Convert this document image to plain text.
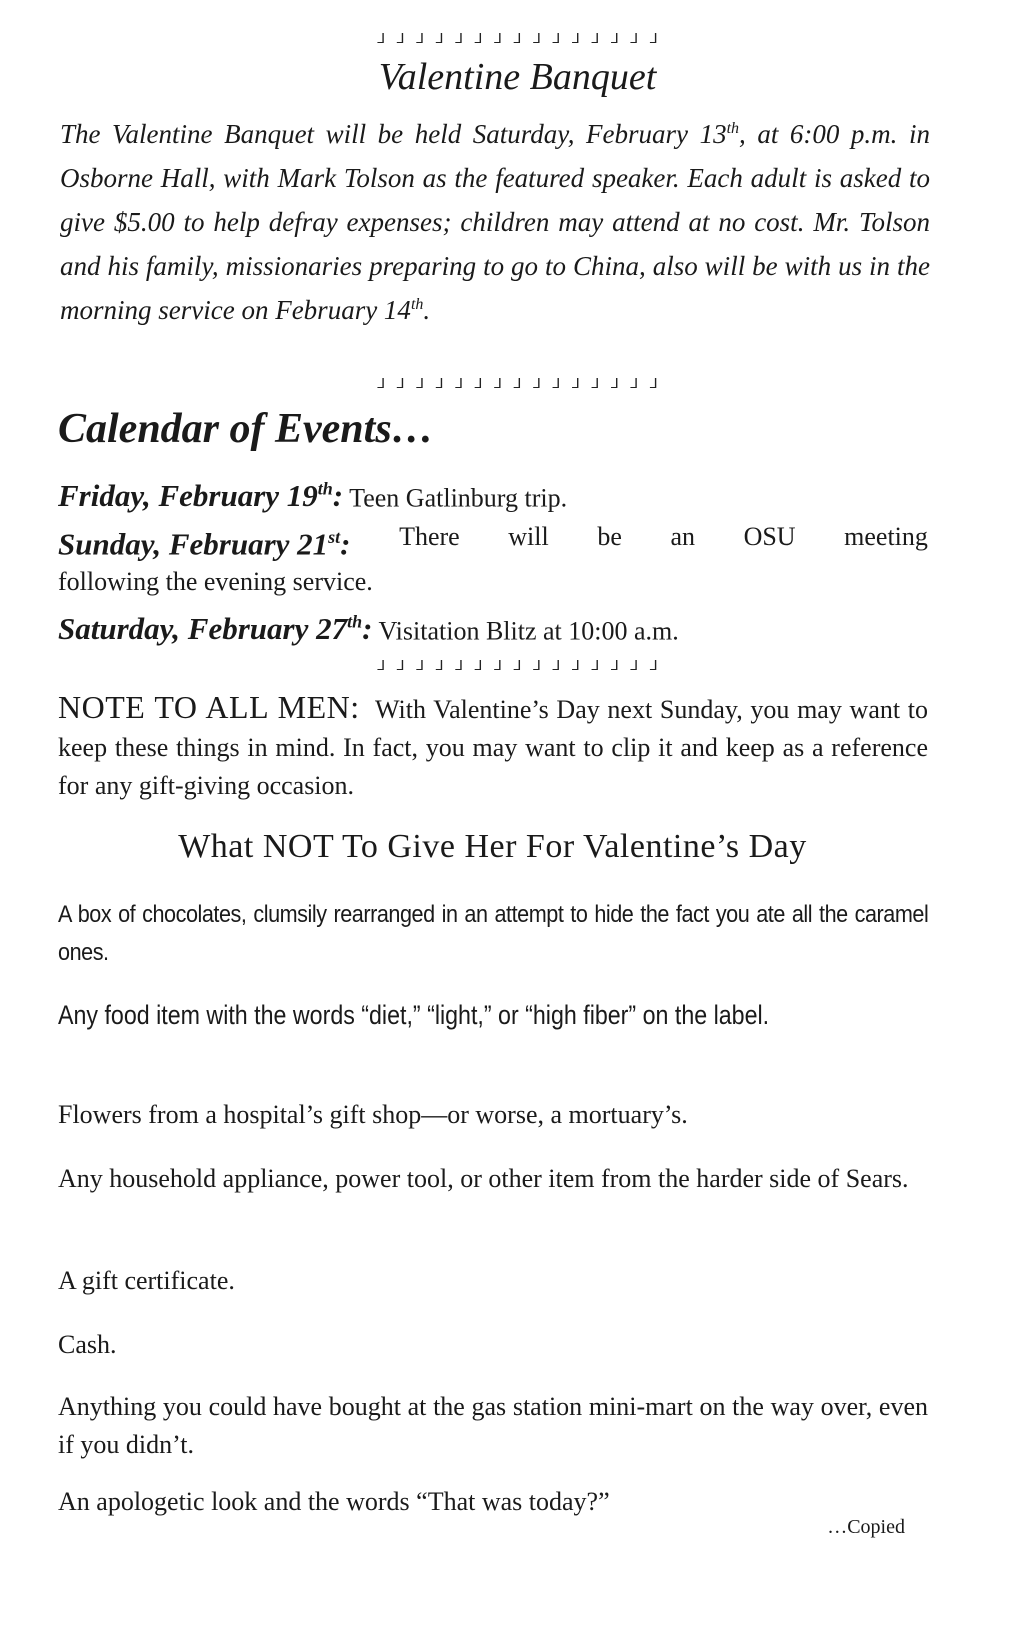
⅃   ⅃   ⅃   ⅃   ⅃   ⅃   ⅃   ⅃   ⅃   ⅃   ⅃   ⅃   ⅃   ⅃   ⅃
Valentine Banquet
The Valentine Banquet will be held Saturday, February 13th, at 6:00 p.m. in Osborne Hall, with Mark Tolson as the featured speaker. Each adult is asked to give $5.00 to help defray expenses; children may attend at no cost. Mr. Tolson and his family, missionaries preparing to go to China, also will be with us in the morning service on February 14th.
⅃   ⅃   ⅃   ⅃   ⅃   ⅃   ⅃   ⅃   ⅃   ⅃   ⅃   ⅃   ⅃   ⅃   ⅃
Calendar of Events…
Friday, February 19th: Teen Gatlinburg trip.
Sunday, February 21st: There will be an OSU meeting
following the evening service.
Saturday, February 27th: Visitation Blitz at 10:00 a.m.
⅃   ⅃   ⅃   ⅃   ⅃   ⅃   ⅃   ⅃   ⅃   ⅃   ⅃   ⅃   ⅃   ⅃   ⅃
NOTE TO ALL MEN: With Valentine’s Day next Sunday, you may want to keep these things in mind. In fact, you may want to clip it and keep as a reference for any gift-giving occasion.
What NOT To Give Her For Valentine’s Day
A box of chocolates, clumsily rearranged in an attempt to hide the fact you ate all the caramel ones.
Any food item with the words “diet,” “light,” or “high fiber” on the label.
Flowers from a hospital’s gift shop—or worse, a mortuary’s.
Any household appliance, power tool, or other item from the harder side of Sears.
A gift certificate.
Cash.
Anything you could have bought at the gas station mini-mart on the way over, even if you didn’t.
An apologetic look and the words “That was today?”
…Copied
